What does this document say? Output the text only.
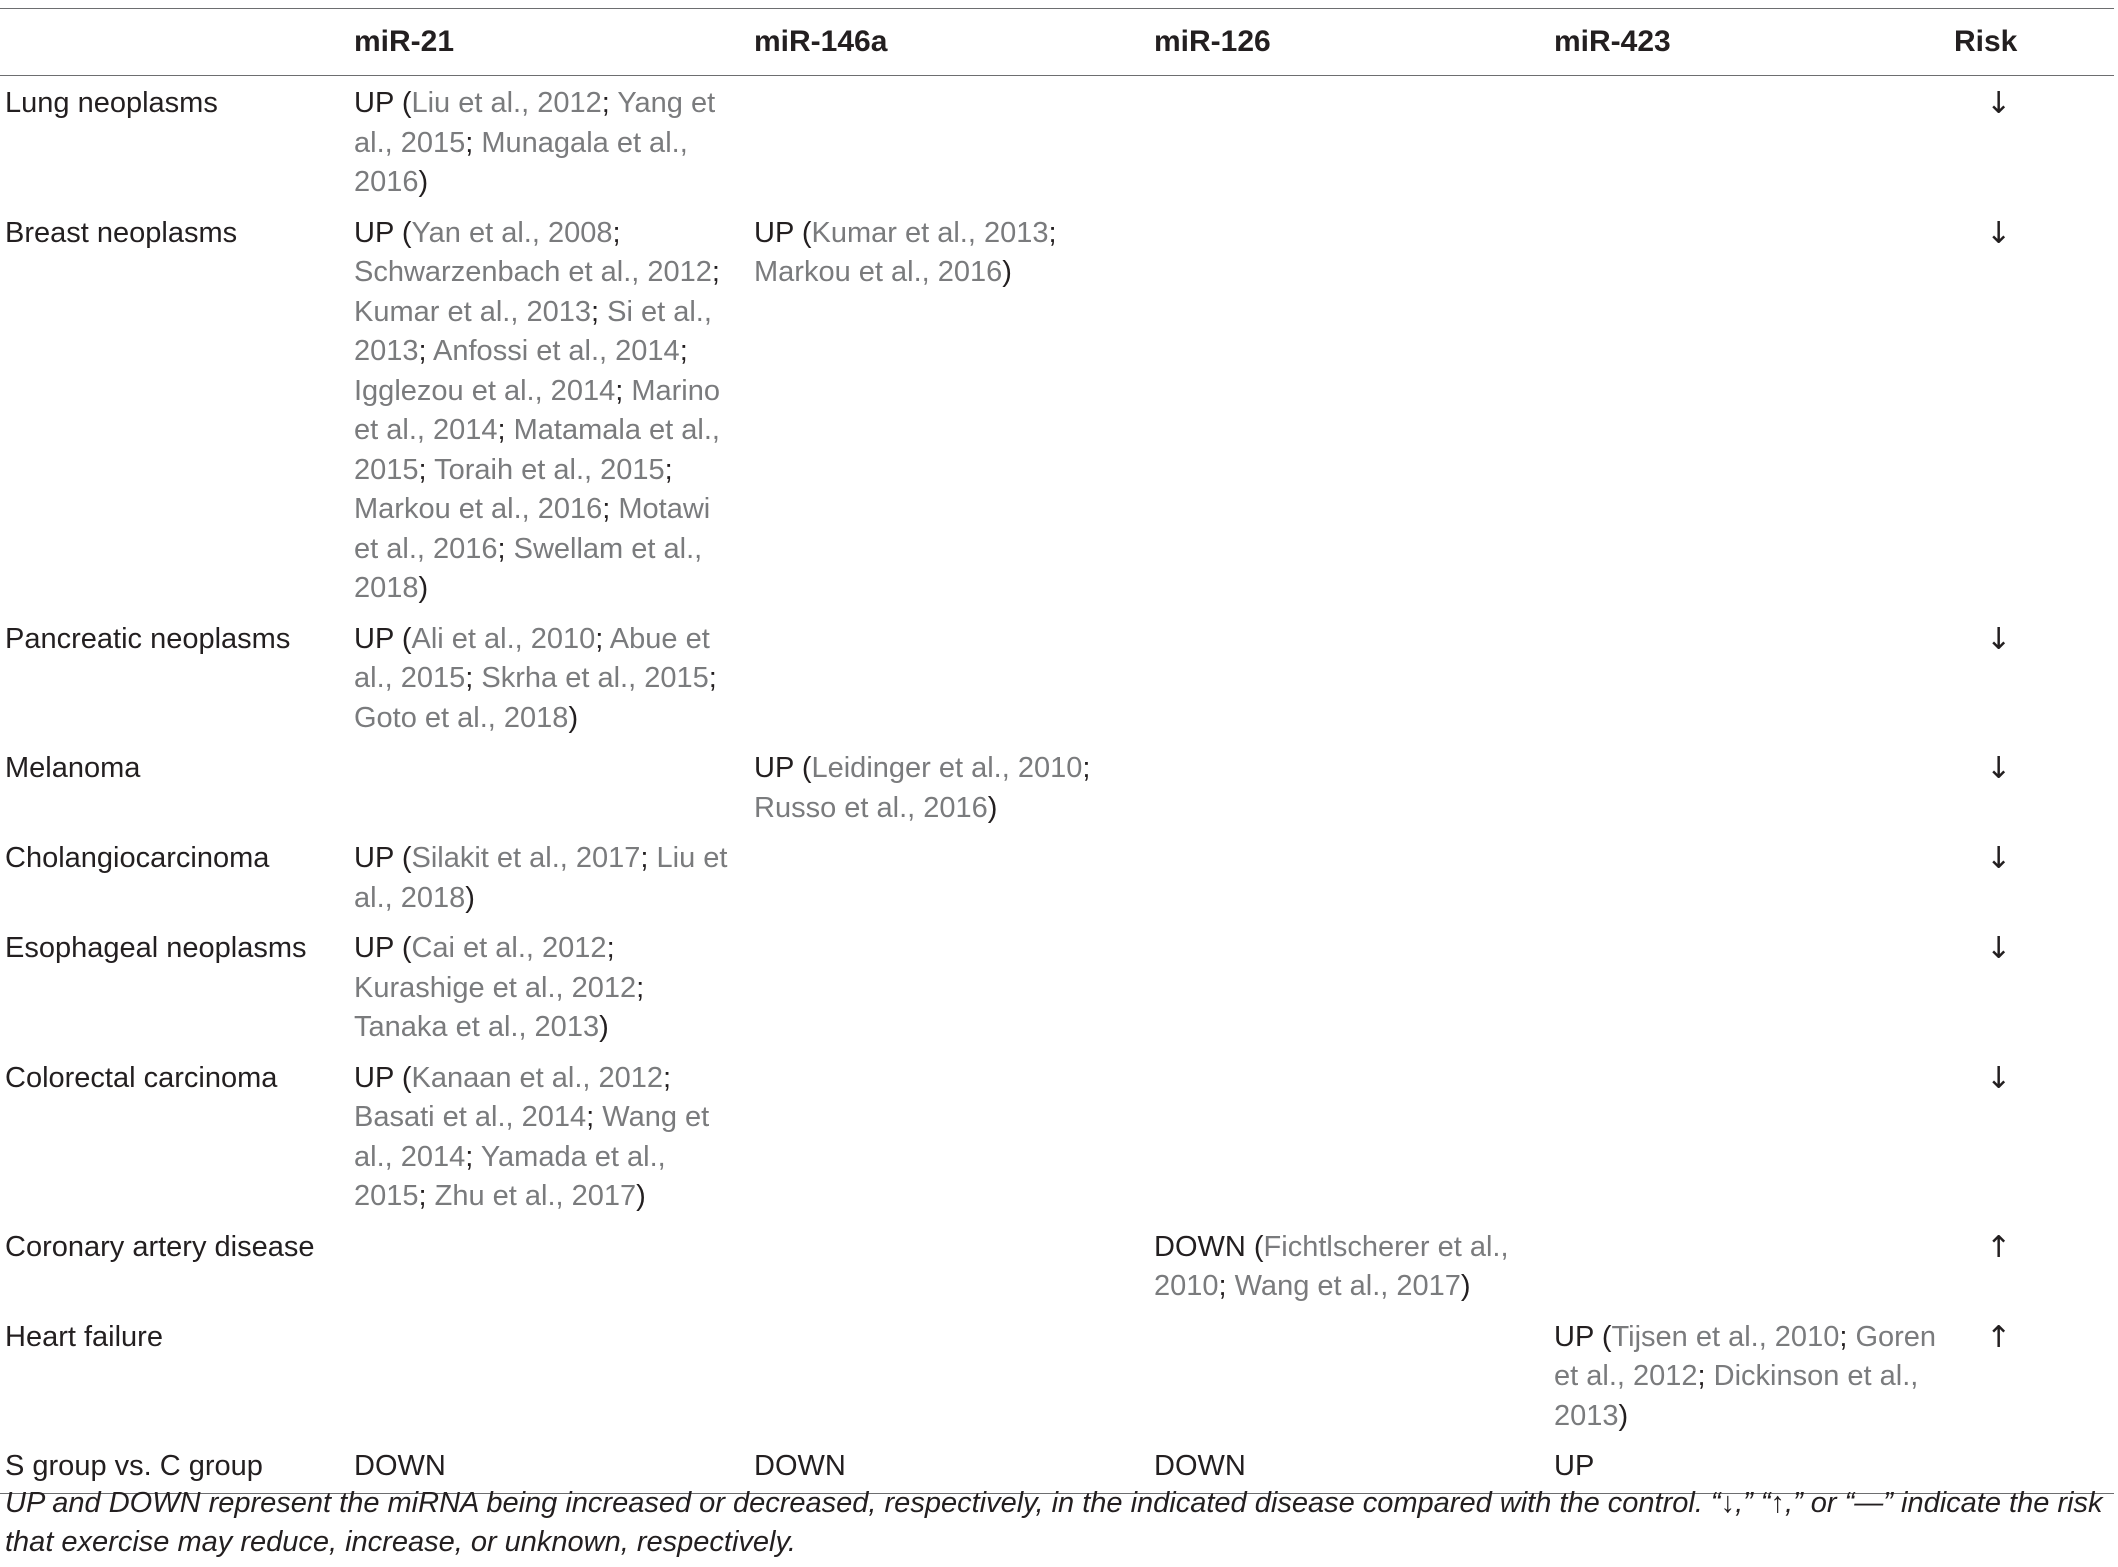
	miR-21	miR-146a	miR-126	miR-423	Risk
Lung neoplasms	UP (Liu et al., 2012; Yang et al., 2015; Munagala et al., 2016)				↓
Breast neoplasms	UP (Yan et al., 2008; Schwarzenbach et al., 2012; Kumar et al., 2013; Si et al., 2013; Anfossi et al., 2014; Igglezou et al., 2014; Marino et al., 2014; Matamala et al., 2015; Toraih et al., 2015; Markou et al., 2016; Motawi et al., 2016; Swellam et al., 2018)	UP (Kumar et al., 2013; Markou et al., 2016)			↓
Pancreatic neoplasms	UP (Ali et al., 2010; Abue et al., 2015; Skrha et al., 2015; Goto et al., 2018)				↓
Melanoma		UP (Leidinger et al., 2010; Russo et al., 2016)			↓
Cholangiocarcinoma	UP (Silakit et al., 2017; Liu et al., 2018)				↓
Esophageal neoplasms	UP (Cai et al., 2012; Kurashige et al., 2012; Tanaka et al., 2013)				↓
Colorectal carcinoma	UP (Kanaan et al., 2012; Basati et al., 2014; Wang et al., 2014; Yamada et al., 2015; Zhu et al., 2017)				↓
Coronary artery disease			DOWN (Fichtlscherer et al., 2010; Wang et al., 2017)		↑
Heart failure				UP (Tijsen et al., 2010; Goren et al., 2012; Dickinson et al., 2013)	↑
S group vs. C group	DOWN	DOWN	DOWN	UP	
UP and DOWN represent the miRNA being increased or decreased, respectively, in the indicated disease compared with the control. “↓,” “↑,” or “—” indicate the risk that exercise may reduce, increase, or unknown, respectively.
